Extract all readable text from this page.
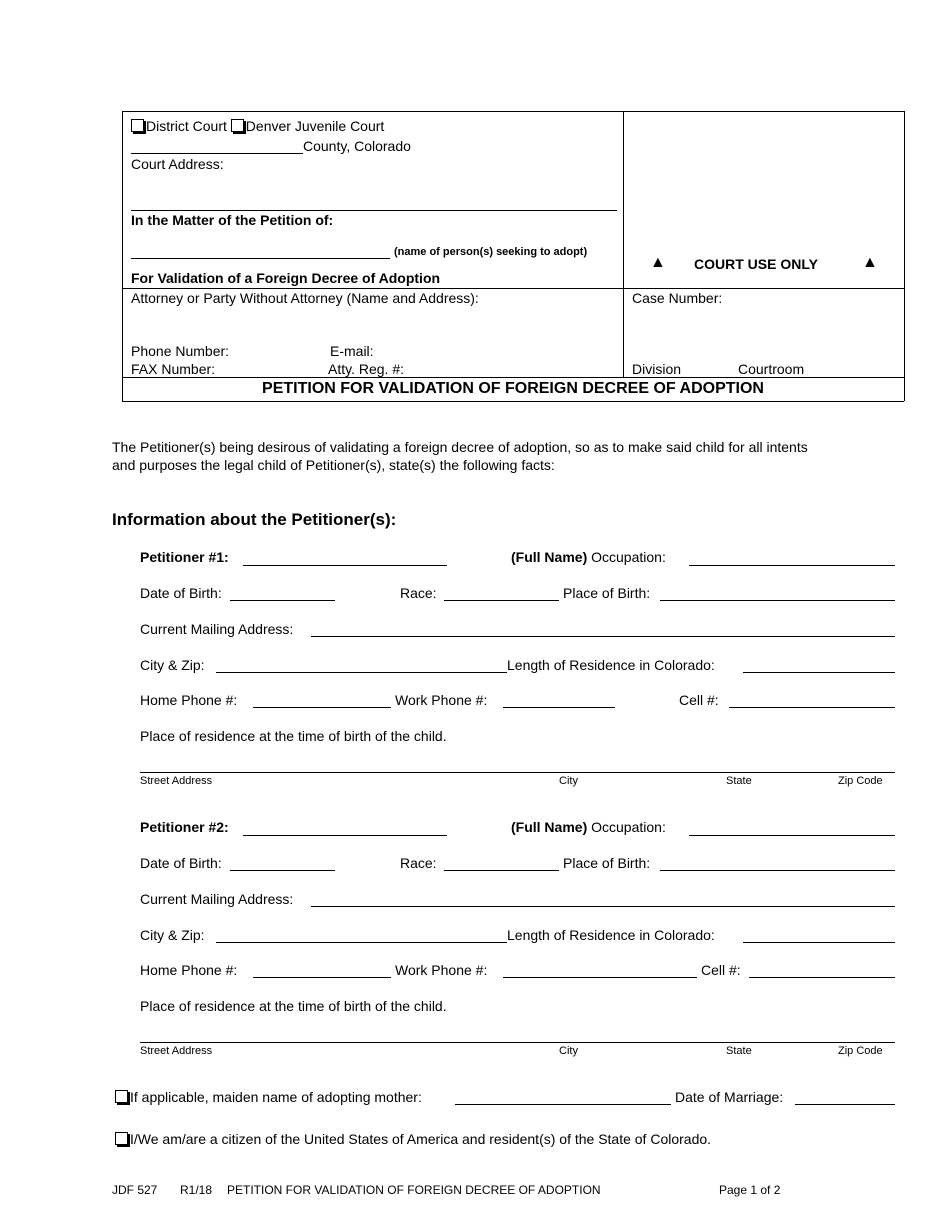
District Court Denver Juvenile Court
County, Colorado
Court Address:
In the Matter of the Petition of:
(name of person(s) seeking to adopt)
For Validation of a Foreign Decree of Adoption
▲ COURT USE ONLY	▲
Attorney or Party Without Attorney (Name and Address):
Phone Number:	E-mail:
FAX Number:	Atty. Reg. #:
Case Number:
Division	Courtroom
PETITION FOR VALIDATION OF FOREIGN DECREE OF ADOPTION
The Petitioner(s) being desirous of validating a foreign decree of adoption, so as to make said child for all intents
and purposes the legal child of Petitioner(s), state(s) the following facts:
Information about the Petitioner(s):
Petitioner #1:	(Full Name) Occupation:
Date of Birth:	Race:	Place of Birth:
Current Mailing Address:
City & Zip:	Length of Residence in Colorado:
Home Phone #:	Work Phone #:	Cell #:
Place of residence at the time of birth of the child.
Street Address	City	State	Zip Code
Petitioner #2:	(Full Name) Occupation:
Date of Birth:	Race:	Place of Birth:
Current Mailing Address:
City & Zip:	Length of Residence in Colorado:
Home Phone #:	Work Phone #:	Cell #:
Place of residence at the time of birth of the child.
Street Address	City	State	Zip Code
If applicable, maiden name of adopting mother:	Date of Marriage:
I/We am/are a citizen of the United States of America and resident(s) of the State of Colorado.
JDF 527 R1/18 PETITION FOR VALIDATION OF FOREIGN DECREE OF ADOPTION	Page 1 of 2
